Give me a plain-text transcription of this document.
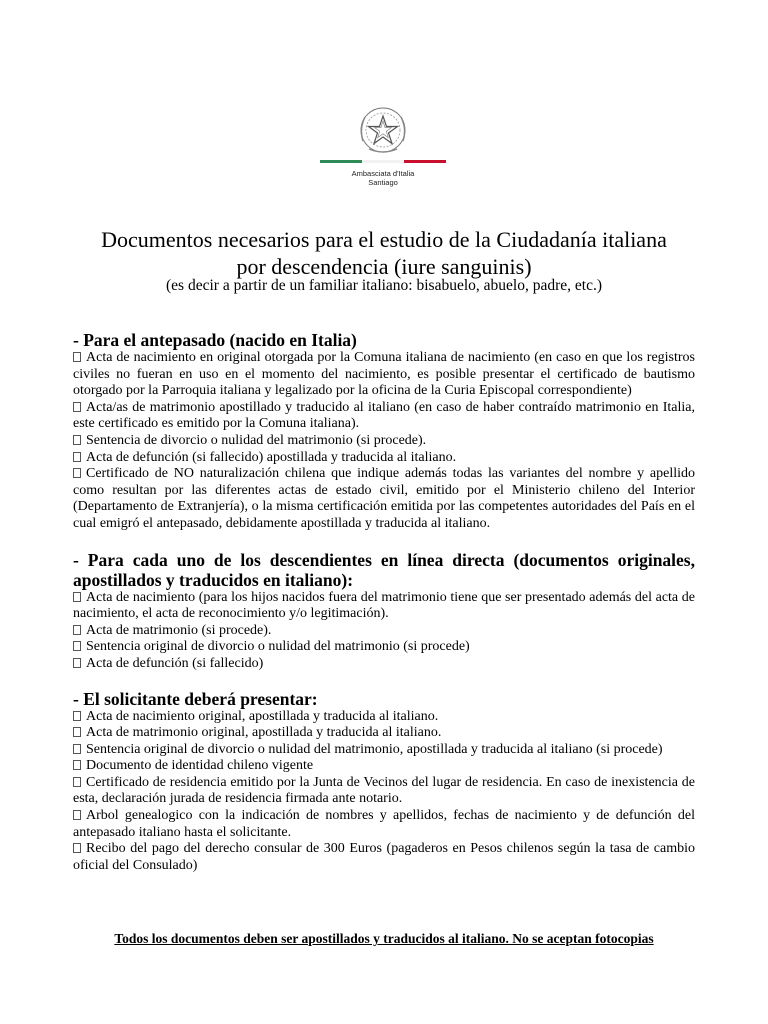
Ambasciata d'Italia
Santiago
Documentos necesarios para el estudio de la Ciudadanía italiana
por descendencia (iure sanguinis)
(es decir a partir de un familiar italiano: bisabuelo, abuelo, padre, etc.)

- Para el antepasado (nacido en Italia)

Acta de nacimiento en original otorgada por la Comuna italiana de nacimiento (en caso en que los registros civiles no fueran en uso en el momento del nacimiento, es posible presentar el certificado de bautismo otorgado por la Parroquia italiana y legalizado por la oficina de la Curia Episcopal correspondiente)

Acta/as de matrimonio apostillado y traducido al italiano (en caso de haber contraído matrimonio en Italia, este certificado es emitido por la Comuna italiana).

Sentencia de divorcio o nulidad del matrimonio (si procede).

Acta de defunción (si fallecido) apostillada y traducida al italiano.

Certificado de NO naturalización chilena que indique además todas las variantes del nombre y apellido como resultan por las diferentes actas de estado civil, emitido por el Ministerio chileno del Interior (Departamento de Extranjería), o la misma certificación emitida por las competentes autoridades del País en el cual emigró el antepasado, debidamente apostillada y traducida al italiano.

- Para cada uno de los descendientes en línea directa (documentos originales, apostillados y traducidos en italiano):

Acta de nacimiento (para los hijos nacidos fuera del matrimonio tiene que ser presentado además del acta de nacimiento, el acta de reconocimiento y/o legitimación).

Acta de matrimonio (si procede).

Sentencia original de divorcio o nulidad del matrimonio (si procede)

Acta de defunción (si fallecido)

- El solicitante deberá presentar:

Acta de nacimiento original, apostillada y traducida al italiano.

Acta de matrimonio original, apostillada y traducida al italiano.

Sentencia original de divorcio o nulidad del matrimonio, apostillada y traducida al italiano (si procede)

Documento de identidad chileno vigente

Certificado de residencia emitido por la Junta de Vecinos del lugar de residencia. En caso de inexistencia de esta, declaración jurada de residencia firmada ante notario.

Arbol genealogico con la indicación de nombres y apellidos, fechas de nacimiento y de defunción del antepasado italiano hasta el solicitante.

Recibo del pago del derecho consular de 300 Euros (pagaderos en Pesos chilenos según la tasa de cambio oficial del Consulado)

Todos los documentos deben ser apostillados y traducidos al italiano. No se aceptan fotocopias
